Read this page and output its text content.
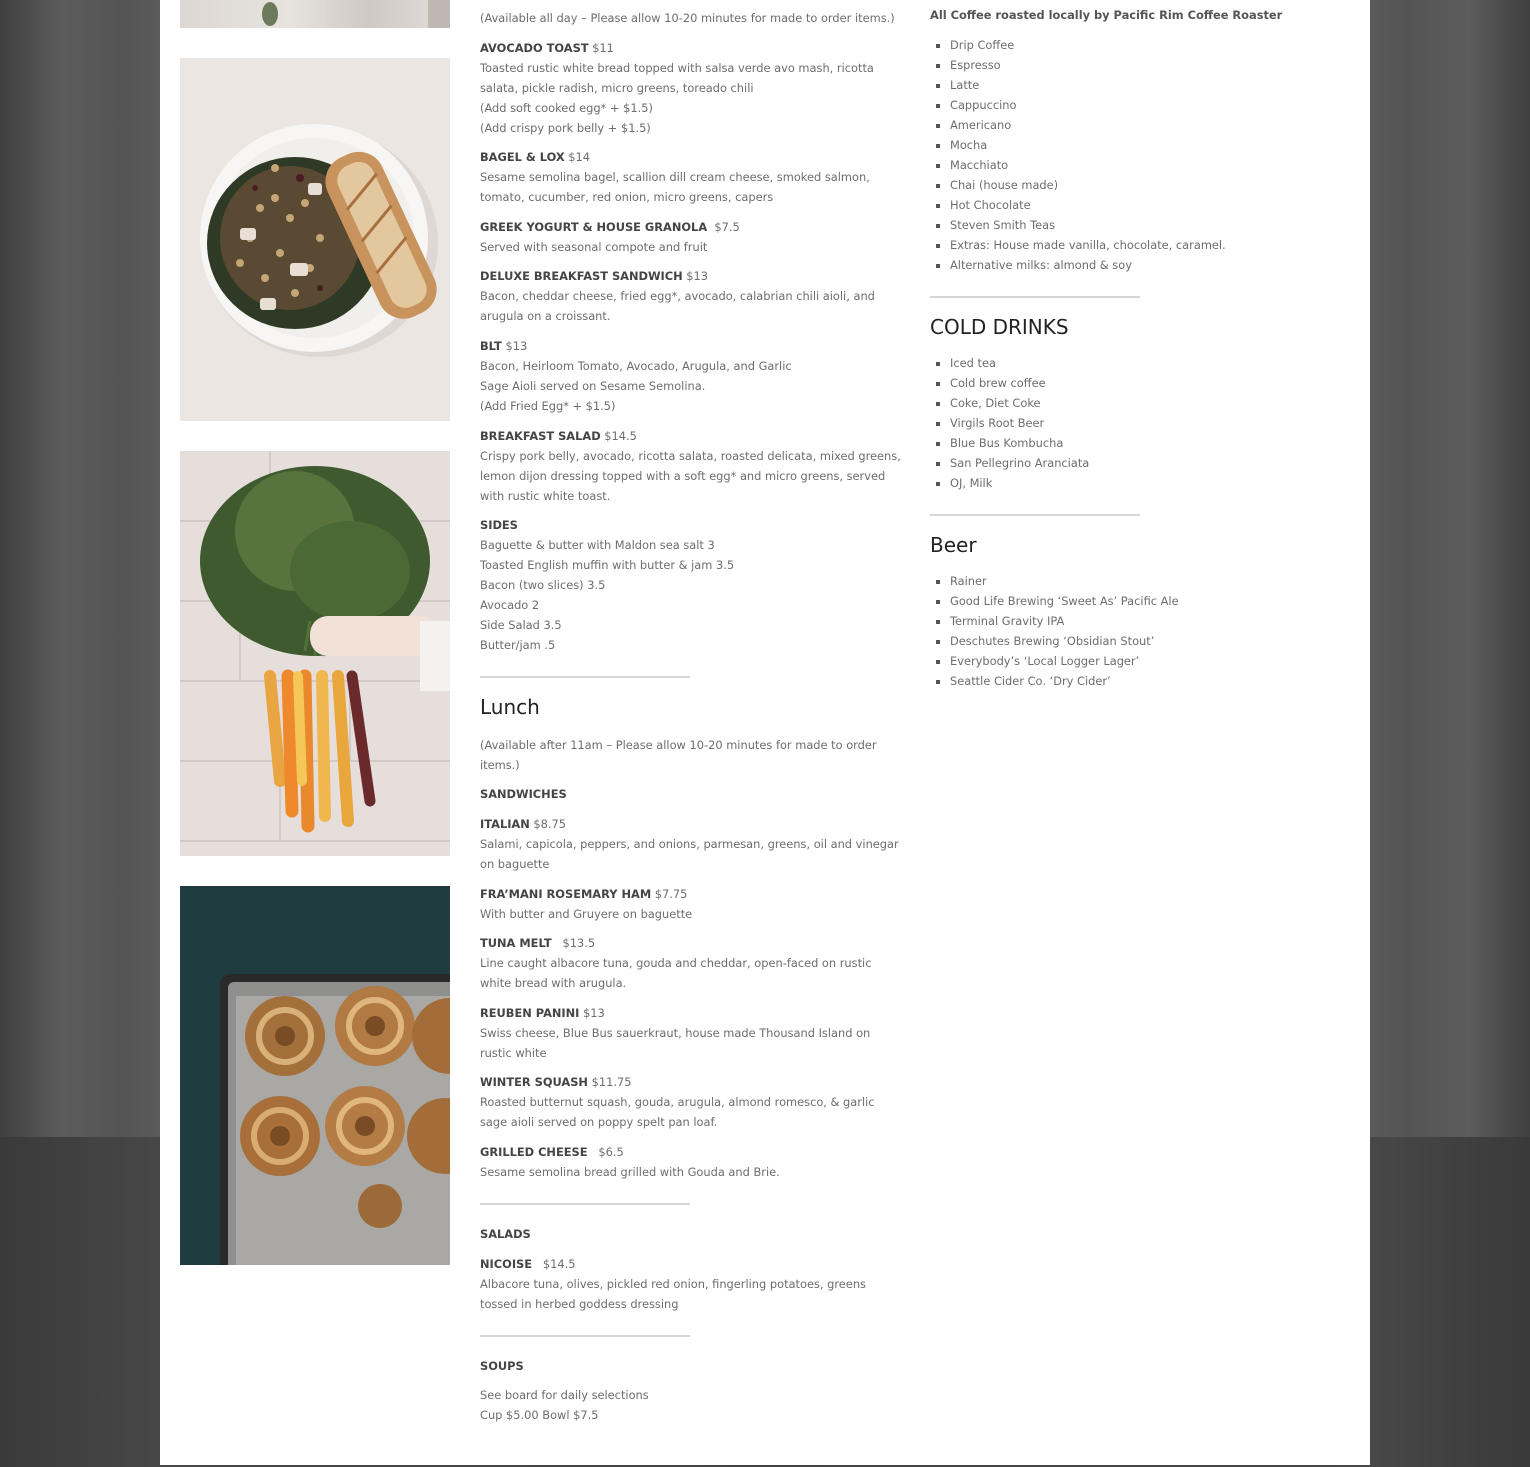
(Available all day – Please allow 10-20 minutes for made to order items.)
AVOCADO TOAST $11
Toasted rustic white bread topped with salsa verde avo mash, ricotta
salata, pickle radish, micro greens, toreado chili
(Add soft cooked egg* + $1.5)
(Add crispy pork belly + $1.5)
BAGEL & LOX $14
Sesame semolina bagel, scallion dill cream cheese, smoked salmon,
tomato, cucumber, red onion, micro greens, capers
GREEK YOGURT & HOUSE GRANOLA $7.5
Served with seasonal compote and fruit
DELUXE BREAKFAST SANDWICH $13
Bacon, cheddar cheese, fried egg*, avocado, calabrian chili aioli, and
arugula on a croissant.
BLT $13
Bacon, Heirloom Tomato, Avocado, Arugula, and Garlic
Sage Aioli served on Sesame Semolina.
(Add Fried Egg* + $1.5)
BREAKFAST SALAD $14.5
Crispy pork belly, avocado, ricotta salata, roasted delicata, mixed greens,
lemon dijon dressing topped with a soft egg* and micro greens, served
with rustic white toast.
SIDES
Baguette & butter with Maldon sea salt 3
Toasted English muffin with butter & jam 3.5
Bacon (two slices) 3.5
Avocado 2
Side Salad 3.5
Butter/jam .5
Lunch
(Available after 11am – Please allow 10-20 minutes for made to order
items.)
SANDWICHES
ITALIAN $8.75
Salami, capicola, peppers, and onions, parmesan, greens, oil and vinegar
on baguette
FRA’MANI ROSEMARY HAM $7.75
With butter and Gruyere on baguette
TUNA MELT $13.5
Line caught albacore tuna, gouda and cheddar, open-faced on rustic
white bread with arugula.
REUBEN PANINI $13
Swiss cheese, Blue Bus sauerkraut, house made Thousand Island on
rustic white
WINTER SQUASH $11.75
Roasted butternut squash, gouda, arugula, almond romesco, & garlic
sage aioli served on poppy spelt pan loaf.
GRILLED CHEESE $6.5
Sesame semolina bread grilled with Gouda and Brie.
SALADS
NICOISE $14.5
Albacore tuna, olives, pickled red onion, fingerling potatoes, greens
tossed in herbed goddess dressing
SOUPS
See board for daily selections
Cup $5.00 Bowl $7.5
All Coffee roasted locally by Pacific Rim Coffee Roaster
▪ Drip Coffee
▪ Espresso
▪ Latte
▪ Cappuccino
▪ Americano
▪ Mocha
▪ Macchiato
▪ Chai (house made)
▪ Hot Chocolate
▪ Steven Smith Teas
▪ Extras: House made vanilla, chocolate, caramel.
▪ Alternative milks: almond & soy
COLD DRINKS
▪ Iced tea
▪ Cold brew coffee
▪ Coke, Diet Coke
▪ Virgils Root Beer
▪ Blue Bus Kombucha
▪ San Pellegrino Aranciata
▪ OJ, Milk
Beer
▪ Rainer
▪ Good Life Brewing ‘Sweet As’ Pacific Ale
▪ Terminal Gravity IPA
▪ Deschutes Brewing ‘Obsidian Stout’
▪ Everybody’s ‘Local Logger Lager’
▪ Seattle Cider Co. ‘Dry Cider’
